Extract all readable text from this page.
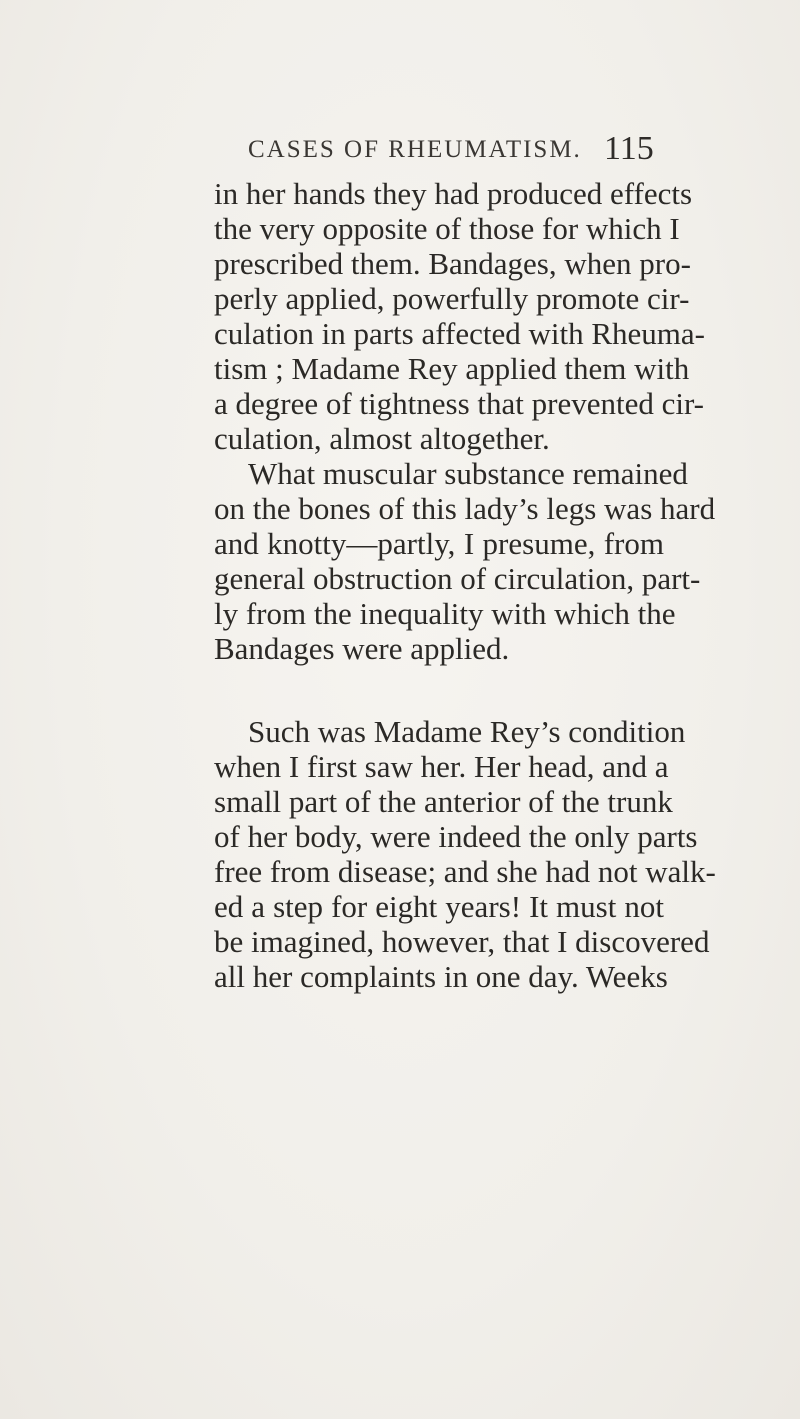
CASES OF RHEUMATISM. 115
in her hands they had produced effects
the very opposite of those for which I
prescribed them. Bandages, when pro-
perly applied, powerfully promote cir-
culation in parts affected with Rheuma-
tism ; Madame Rey applied them with
a degree of tightness that prevented cir-
culation, almost altogether.
What muscular substance remained
on the bones of this lady’s legs was hard
and knotty—partly, I presume, from
general obstruction of circulation, part-
ly from the inequality with which the
Bandages were applied.
Such was Madame Rey’s condition
when I first saw her. Her head, and a
small part of the anterior of the trunk
of her body, were indeed the only parts
free from disease; and she had not walk-
ed a step for eight years! It must not
be imagined, however, that I discovered
all her complaints in one day. Weeks
